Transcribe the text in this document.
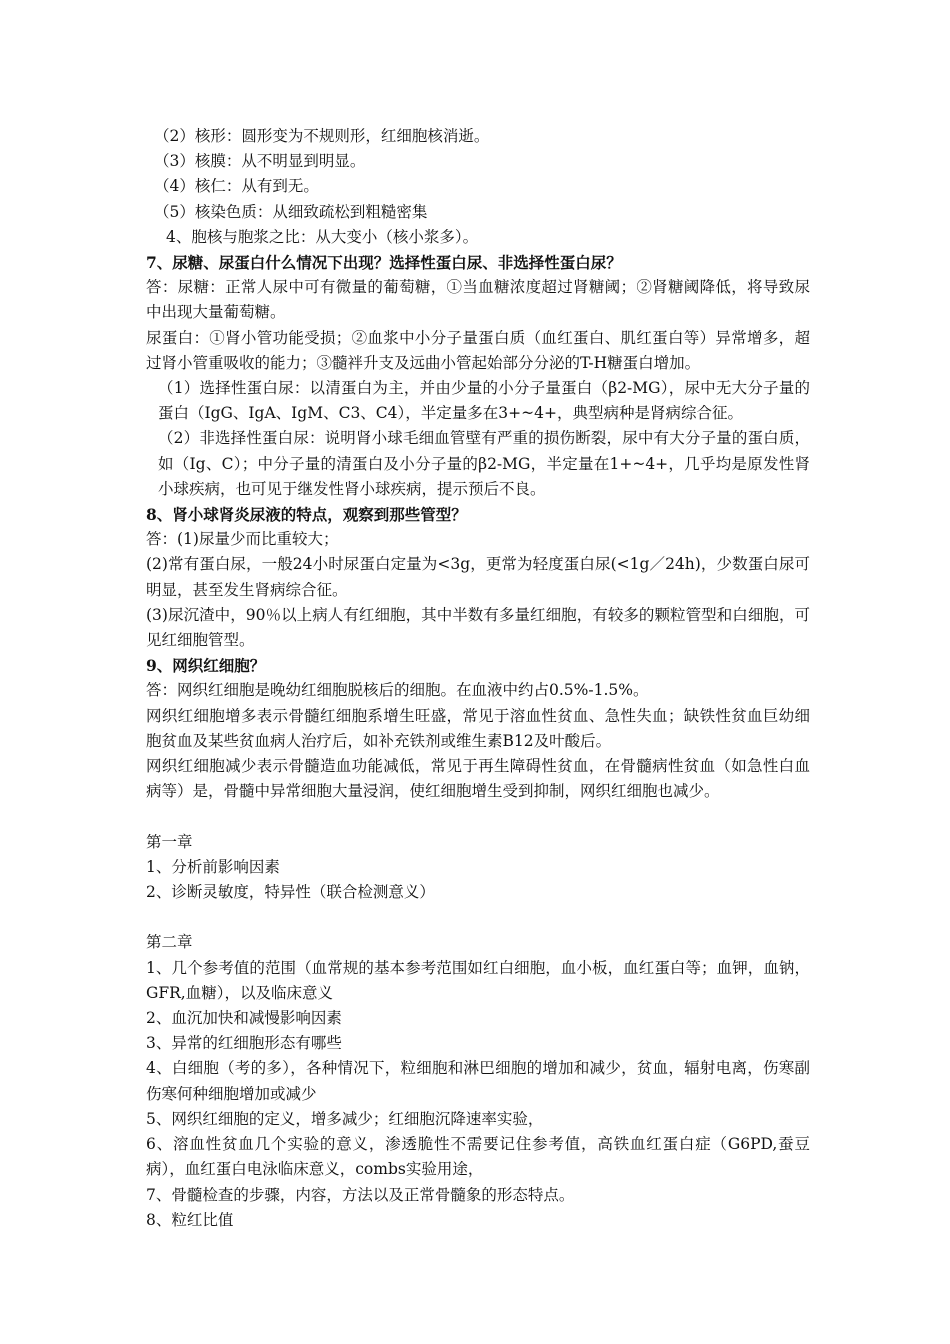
（2）核形：圆形变为不规则形，红细胞核消逝。
（3）核膜：从不明显到明显。
（4）核仁：从有到无。
（5）核染色质：从细致疏松到粗糙密集
4、胞核与胞浆之比：从大变小（核小浆多）。
7、尿糖、尿蛋白什么情况下出现？选择性蛋白尿、非选择性蛋白尿？
答：尿糖：正常人尿中可有微量的葡萄糖，①当血糖浓度超过肾糖阈；②肾糖阈降低，将导致尿中出现大量葡萄糖。
尿蛋白：①肾小管功能受损；②血浆中小分子量蛋白质（血红蛋白、肌红蛋白等）异常增多，超过肾小管重吸收的能力；③髓袢升支及远曲小管起始部分分泌的T-H糖蛋白增加。
（1）选择性蛋白尿：以清蛋白为主，并由少量的小分子量蛋白（β2-MG），尿中无大分子量的蛋白（IgG、IgA、IgM、C3、C4），半定量多在3+~4+，典型病种是肾病综合征。
（2）非选择性蛋白尿：说明肾小球毛细血管壁有严重的损伤断裂，尿中有大分子量的蛋白质，如（Ig、C）；中分子量的清蛋白及小分子量的β2-MG，半定量在1+~4+，几乎均是原发性肾小球疾病，也可见于继发性肾小球疾病，提示预后不良。
8、肾小球肾炎尿液的特点，观察到那些管型？
答：(1)尿量少而比重较大；
(2)常有蛋白尿，一般24小时尿蛋白定量为<3g，更常为轻度蛋白尿(<1g／24h)，少数蛋白尿可明显，甚至发生肾病综合征。
(3)尿沉渣中，90％以上病人有红细胞，其中半数有多量红细胞，有较多的颗粒管型和白细胞，可见红细胞管型。
9、网织红细胞？
答：网织红细胞是晚幼红细胞脱核后的细胞。在血液中约占0.5%-1.5%。
网织红细胞增多表示骨髓红细胞系增生旺盛，常见于溶血性贫血、急性失血；缺铁性贫血巨幼细胞贫血及某些贫血病人治疗后，如补充铁剂或维生素B12及叶酸后。
网织红细胞减少表示骨髓造血功能减低，常见于再生障碍性贫血，在骨髓病性贫血（如急性白血病等）是，骨髓中异常细胞大量浸润，使红细胞增生受到抑制，网织红细胞也减少。
第一章
1、分析前影响因素
2、诊断灵敏度，特异性（联合检测意义）
第二章
1、几个参考值的范围（血常规的基本参考范围如红白细胞，血小板，血红蛋白等；血钾，血钠，GFR,血糖），以及临床意义
2、血沉加快和减慢影响因素
3、异常的红细胞形态有哪些
4、白细胞（考的多），各种情况下，粒细胞和淋巴细胞的增加和减少，贫血，辐射电离，伤寒副伤寒何种细胞增加或减少
5、网织红细胞的定义，增多减少；红细胞沉降速率实验，
6、溶血性贫血几个实验的意义，渗透脆性不需要记住参考值，高铁血红蛋白症（G6PD,蚕豆病），血红蛋白电泳临床意义，combs实验用途，
7、骨髓检查的步骤，内容，方法以及正常骨髓象的形态特点。
8、粒红比值
